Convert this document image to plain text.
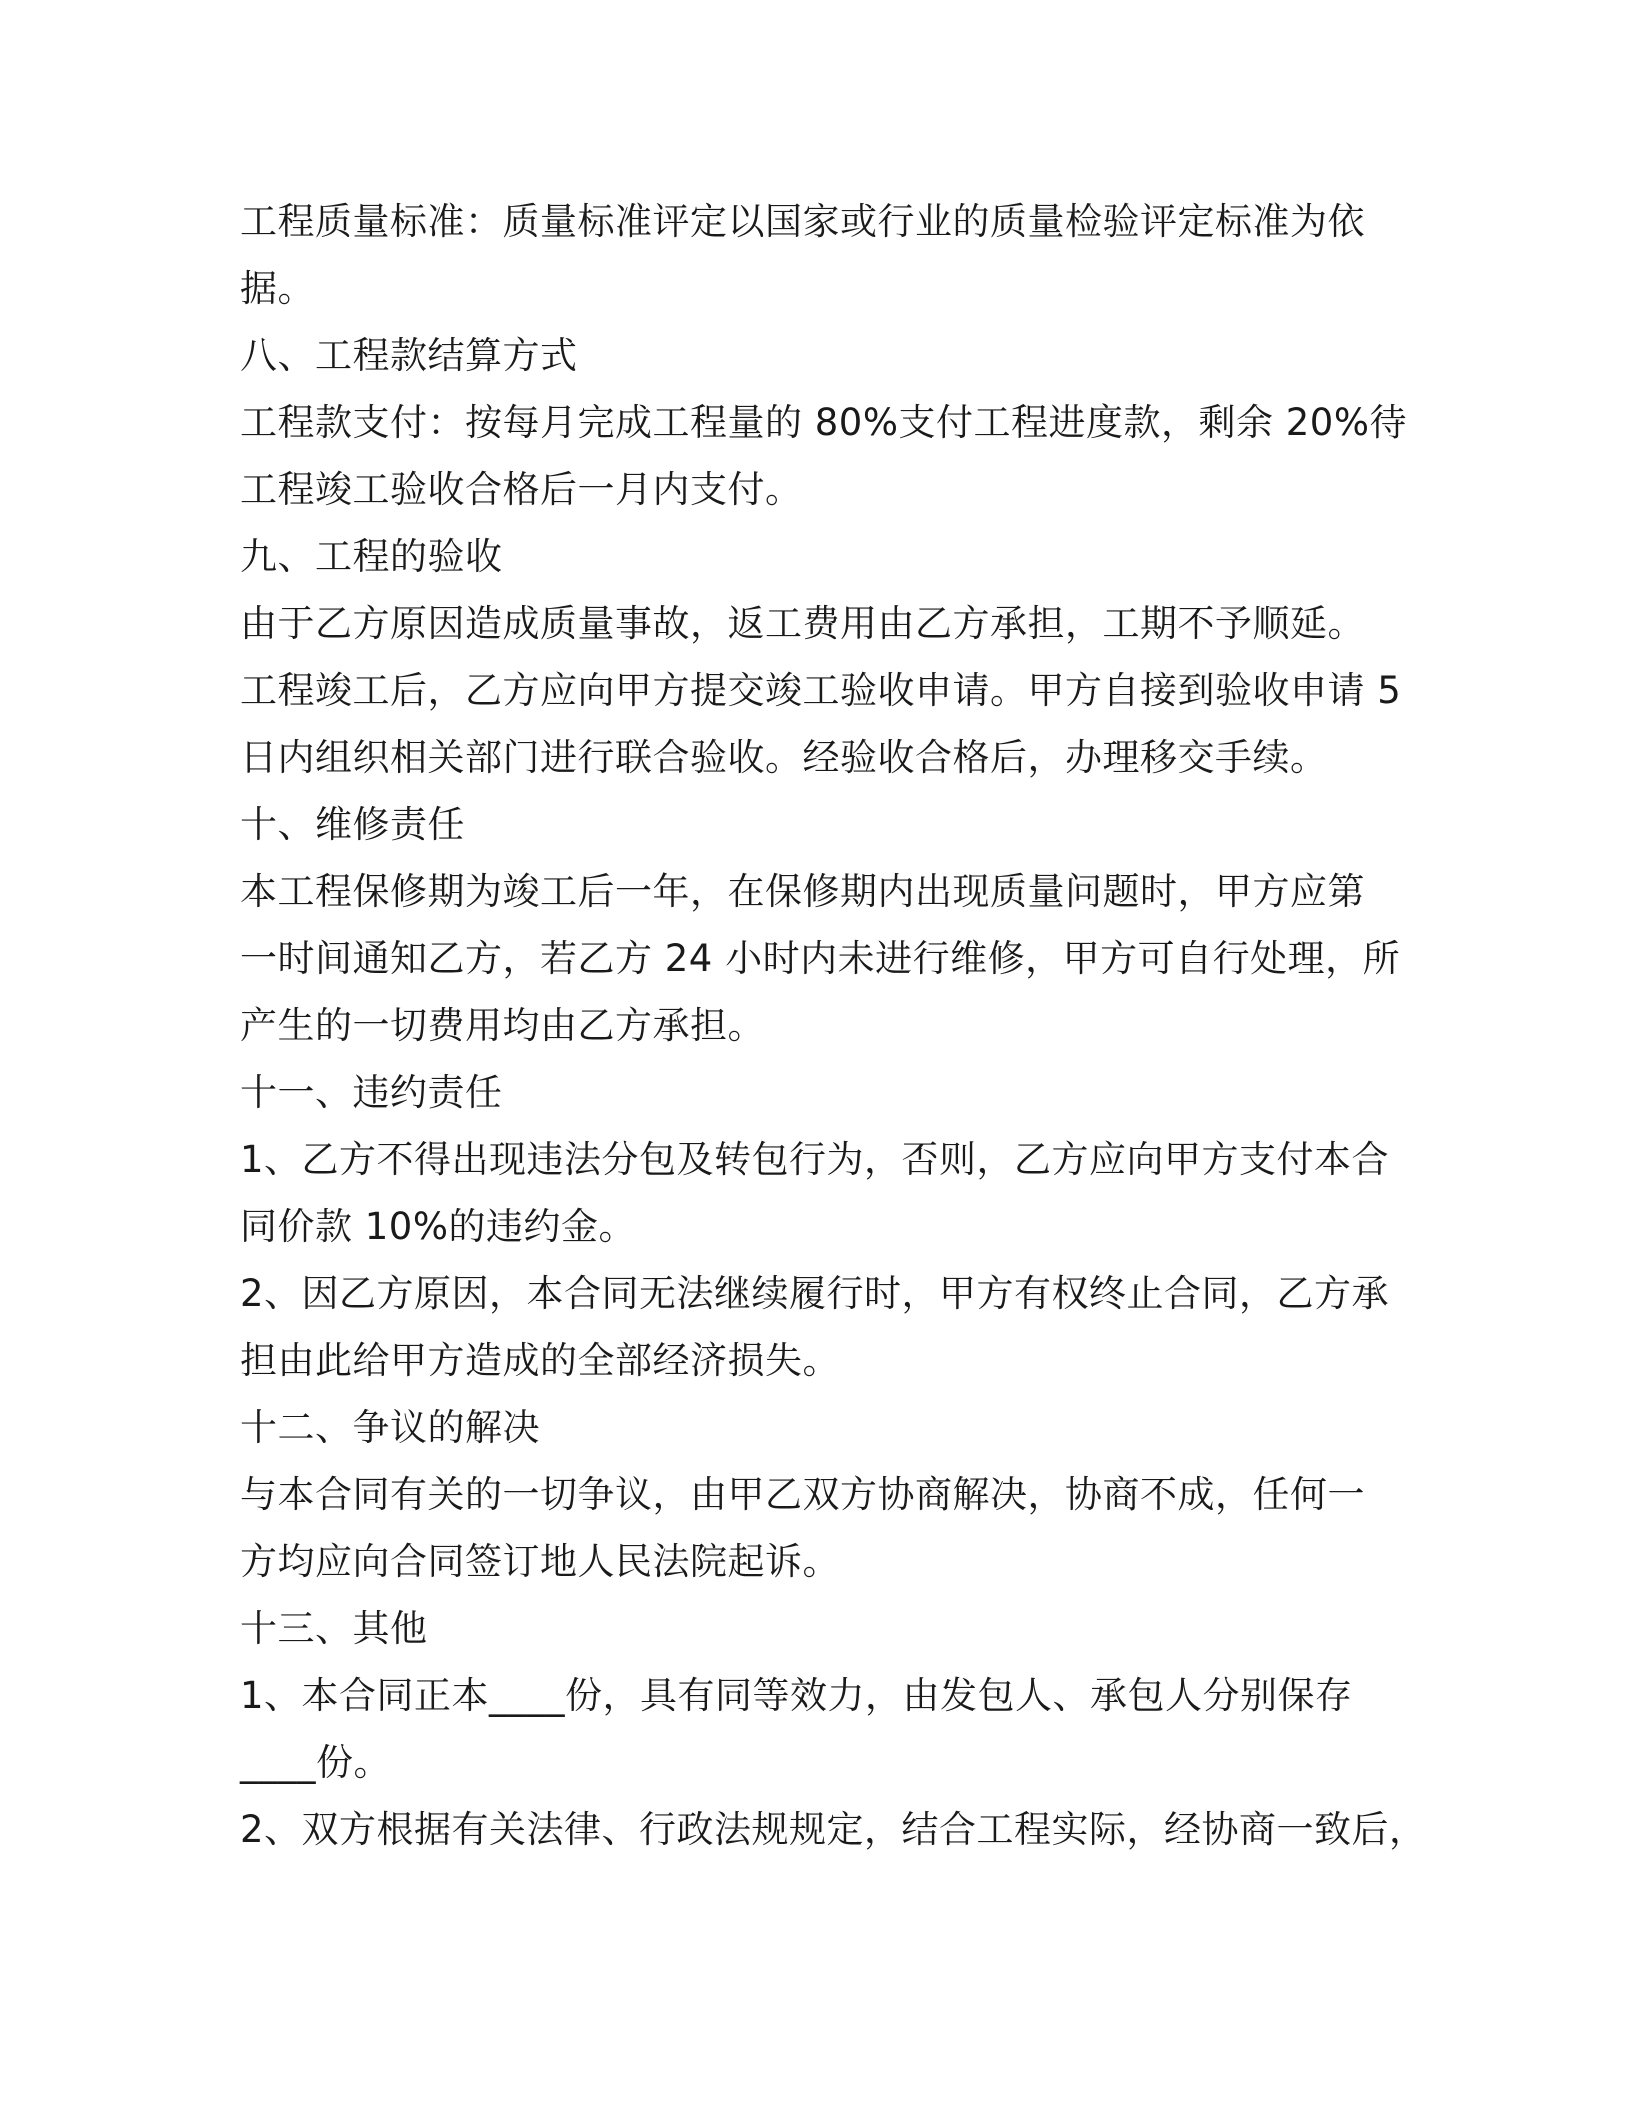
工程质量标准：质量标准评定以国家或行业的质量检验评定标准为依
据。
八、工程款结算方式
工程款支付：按每月完成工程量的 80%支付工程进度款，剩余 20%待
工程竣工验收合格后一月内支付。
九、工程的验收
由于乙方原因造成质量事故，返工费用由乙方承担，工期不予顺延。
工程竣工后，乙方应向甲方提交竣工验收申请。甲方自接到验收申请 5
日内组织相关部门进行联合验收。经验收合格后，办理移交手续。
十、维修责任
本工程保修期为竣工后一年，在保修期内出现质量问题时，甲方应第
一时间通知乙方，若乙方 24 小时内未进行维修，甲方可自行处理，所
产生的一切费用均由乙方承担。
十一、违约责任
1、乙方不得出现违法分包及转包行为，否则，乙方应向甲方支付本合
同价款 10%的违约金。
2、因乙方原因，本合同无法继续履行时，甲方有权终止合同，乙方承
担由此给甲方造成的全部经济损失。
十二、争议的解决
与本合同有关的一切争议，由甲乙双方协商解决，协商不成，任何一
方均应向合同签订地人民法院起诉。
十三、其他
1、本合同正本____份，具有同等效力，由发包人、承包人分别保存
____份。
2、双方根据有关法律、行政法规规定，结合工程实际，经协商一致后，
